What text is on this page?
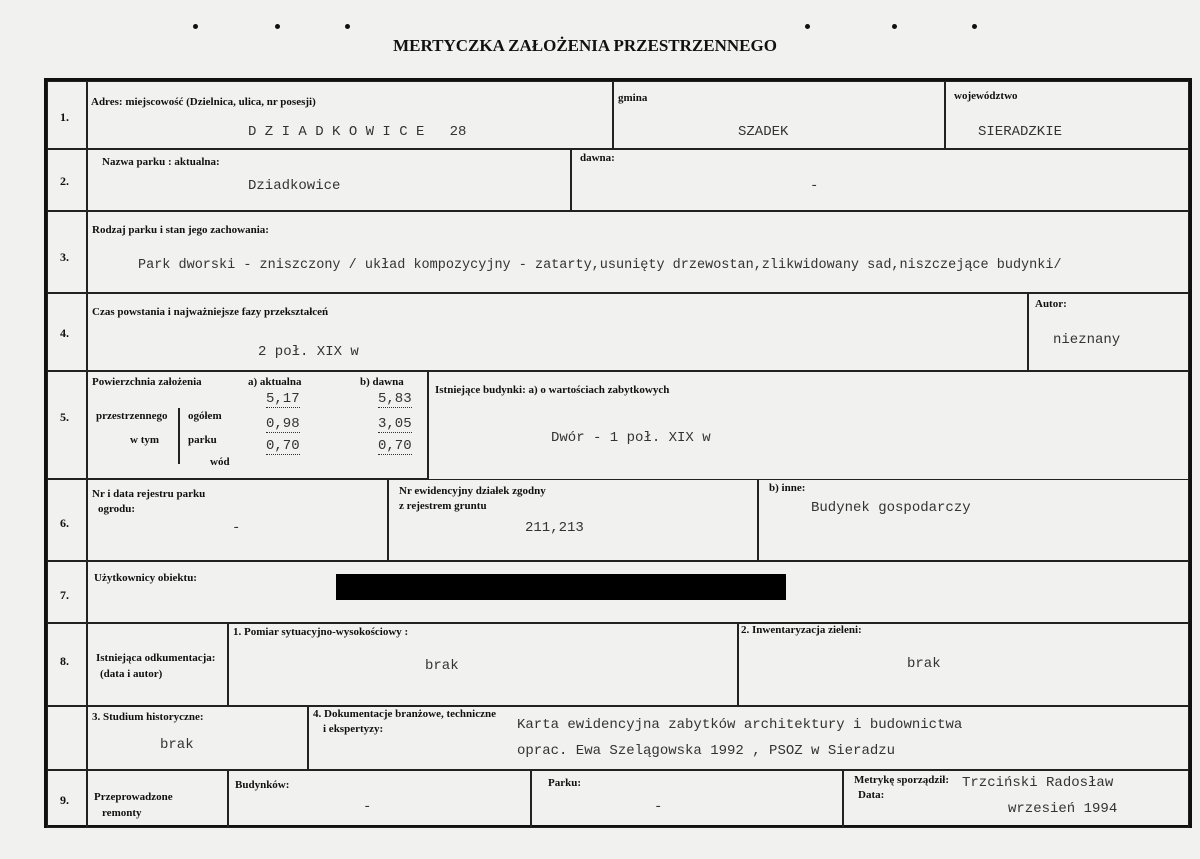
MERTYCZKA ZAŁOŻENIA PRZESTRZENNEGO
1.
Adres: miejscowość (Dzielnica, ulica, nr posesji)
D Z I A D K O W I C E   28
gmina
SZADEK
województwo
SIERADZKIE
2.
Nazwa parku : aktualna:
Dziadkowice
dawna:
-
3.
Rodzaj parku i stan jego zachowania:
Park dworski - zniszczony / układ kompozycyjny - zatarty,usunięty drzewostan,zlikwidowany sad,niszczejące budynki/
4.
Czas powstania i najważniejsze fazy przekształceń
2 poł. XIX w
Autor:
nieznany
5.
Powierzchnia założenia
przestrzennego
w tym
ogółem
parku
wód
a) aktualna	b) dawna
5,17
0,98
0,70
5,83
3,05
0,70
Istniejące budynki: a) o wartościach zabytkowych
Dwór - 1 poł. XIX w
6.
Nr i data rejestru parku
ogrodu:
-
Nr ewidencyjny działek zgodny
z rejestrem gruntu
211,213
b) inne:
Budynek gospodarczy
7.
Użytkownicy obiektu:
8. Istniejąca odkumentacja:
(data i autor)
1. Pomiar sytuacyjno-wysokościowy :
brak
2. Inwentaryzacja zieleni:
brak
3. Studium historyczne:
brak
4. Dokumentacje branżowe, techniczne
i ekspertyzy:	Karta ewidencyjna zabytków architektury i budownictwa
oprac. Ewa Szelągowska 1992 , PSOZ w Sieradzu
9. Przeprowadzone
remonty
Budynków:
-
Parku:
-
Metrykę sporządził:
Data:
Trzciński Radosław
wrzesień 1994
